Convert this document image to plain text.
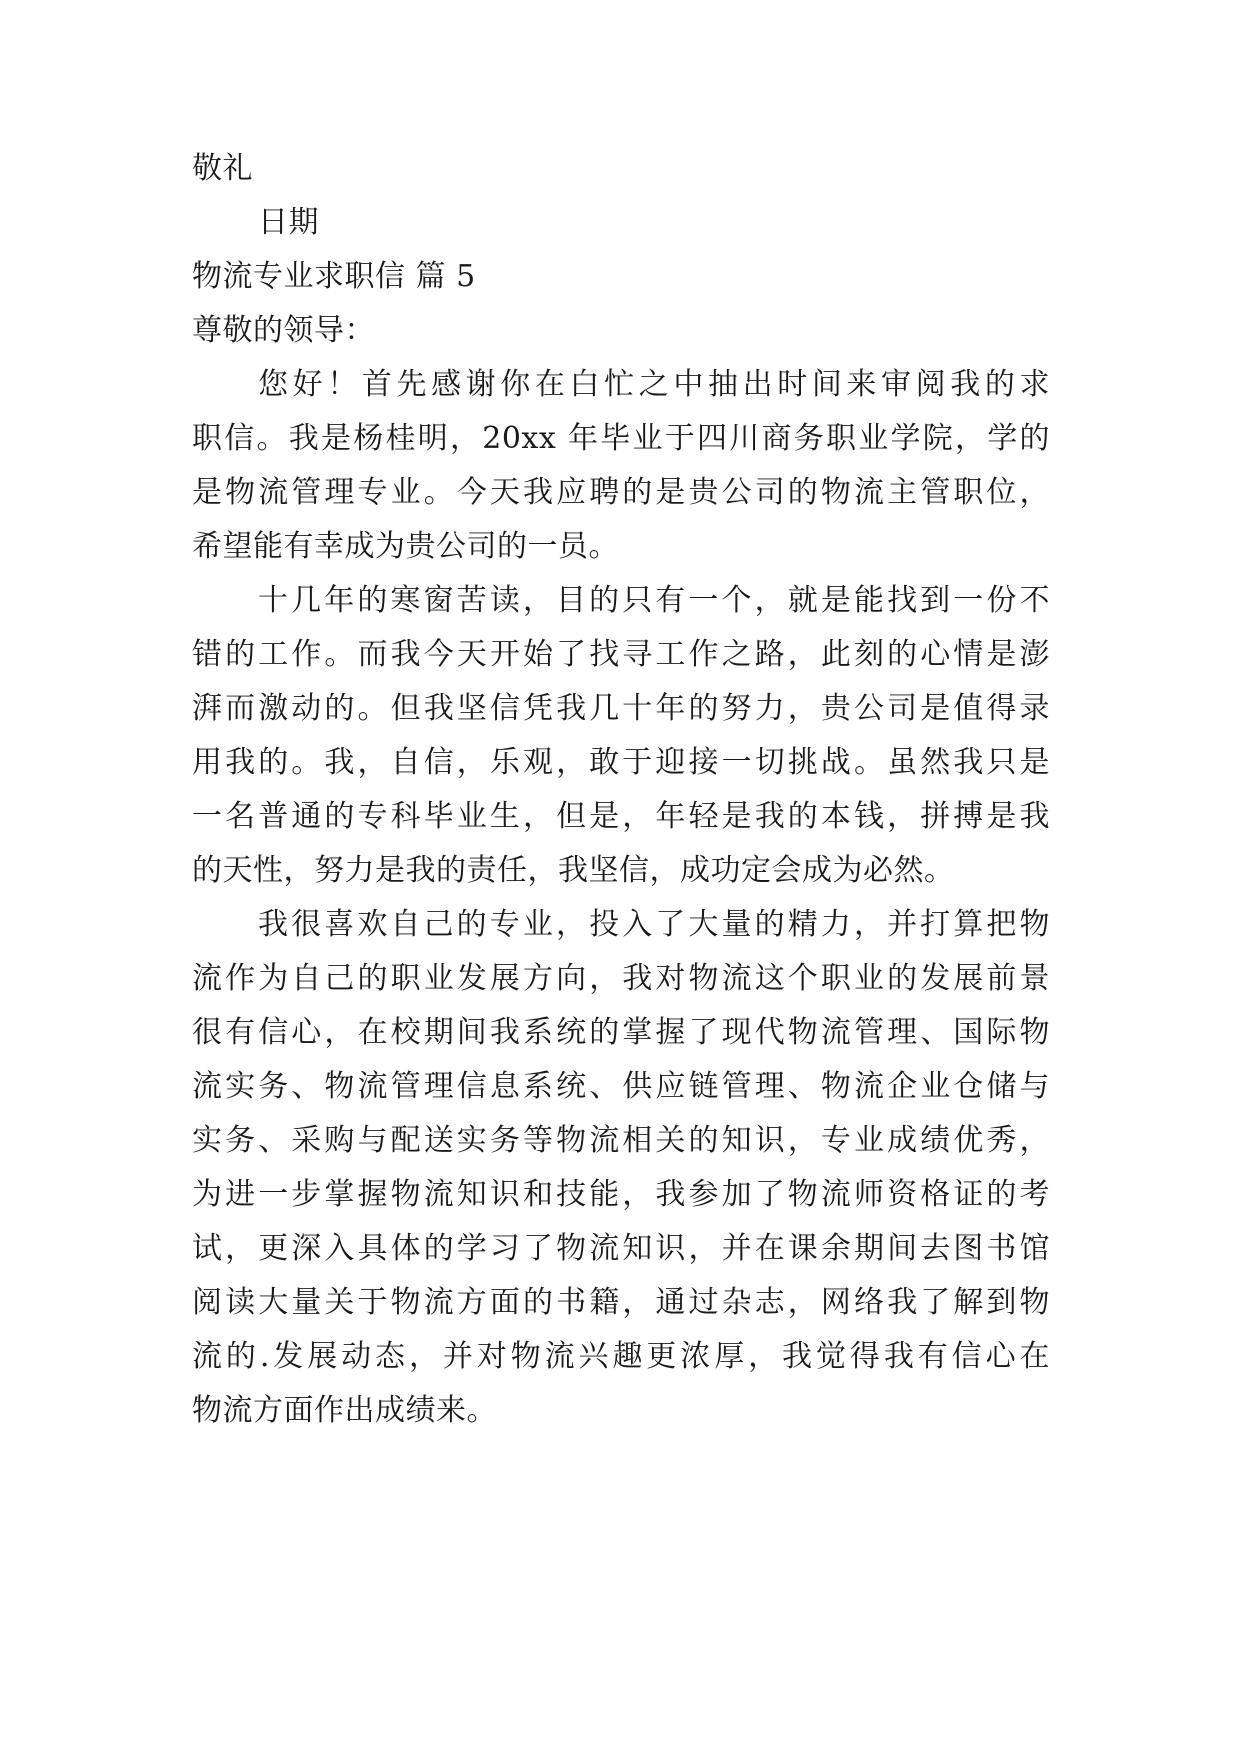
敬礼
日期
物流专业求职信 篇 5
尊敬的领导：
您好！首先感谢你在白忙之中抽出时间来审阅我的求
职信。我是杨桂明，20xx 年毕业于四川商务职业学院，学的
是物流管理专业。今天我应聘的是贵公司的物流主管职位，
希望能有幸成为贵公司的一员。
十几年的寒窗苦读，目的只有一个，就是能找到一份不
错的工作。而我今天开始了找寻工作之路，此刻的心情是澎
湃而激动的。但我坚信凭我几十年的努力，贵公司是值得录
用我的。我，自信，乐观，敢于迎接一切挑战。虽然我只是
一名普通的专科毕业生，但是，年轻是我的本钱，拼搏是我
的天性，努力是我的责任，我坚信，成功定会成为必然。
我很喜欢自己的专业，投入了大量的精力，并打算把物
流作为自己的职业发展方向，我对物流这个职业的发展前景
很有信心，在校期间我系统的掌握了现代物流管理、国际物
流实务、物流管理信息系统、供应链管理、物流企业仓储与
实务、采购与配送实务等物流相关的知识，专业成绩优秀，
为进一步掌握物流知识和技能，我参加了物流师资格证的考
试，更深入具体的学习了物流知识，并在课余期间去图书馆
阅读大量关于物流方面的书籍，通过杂志，网络我了解到物
流的.发展动态，并对物流兴趣更浓厚，我觉得我有信心在
物流方面作出成绩来。
